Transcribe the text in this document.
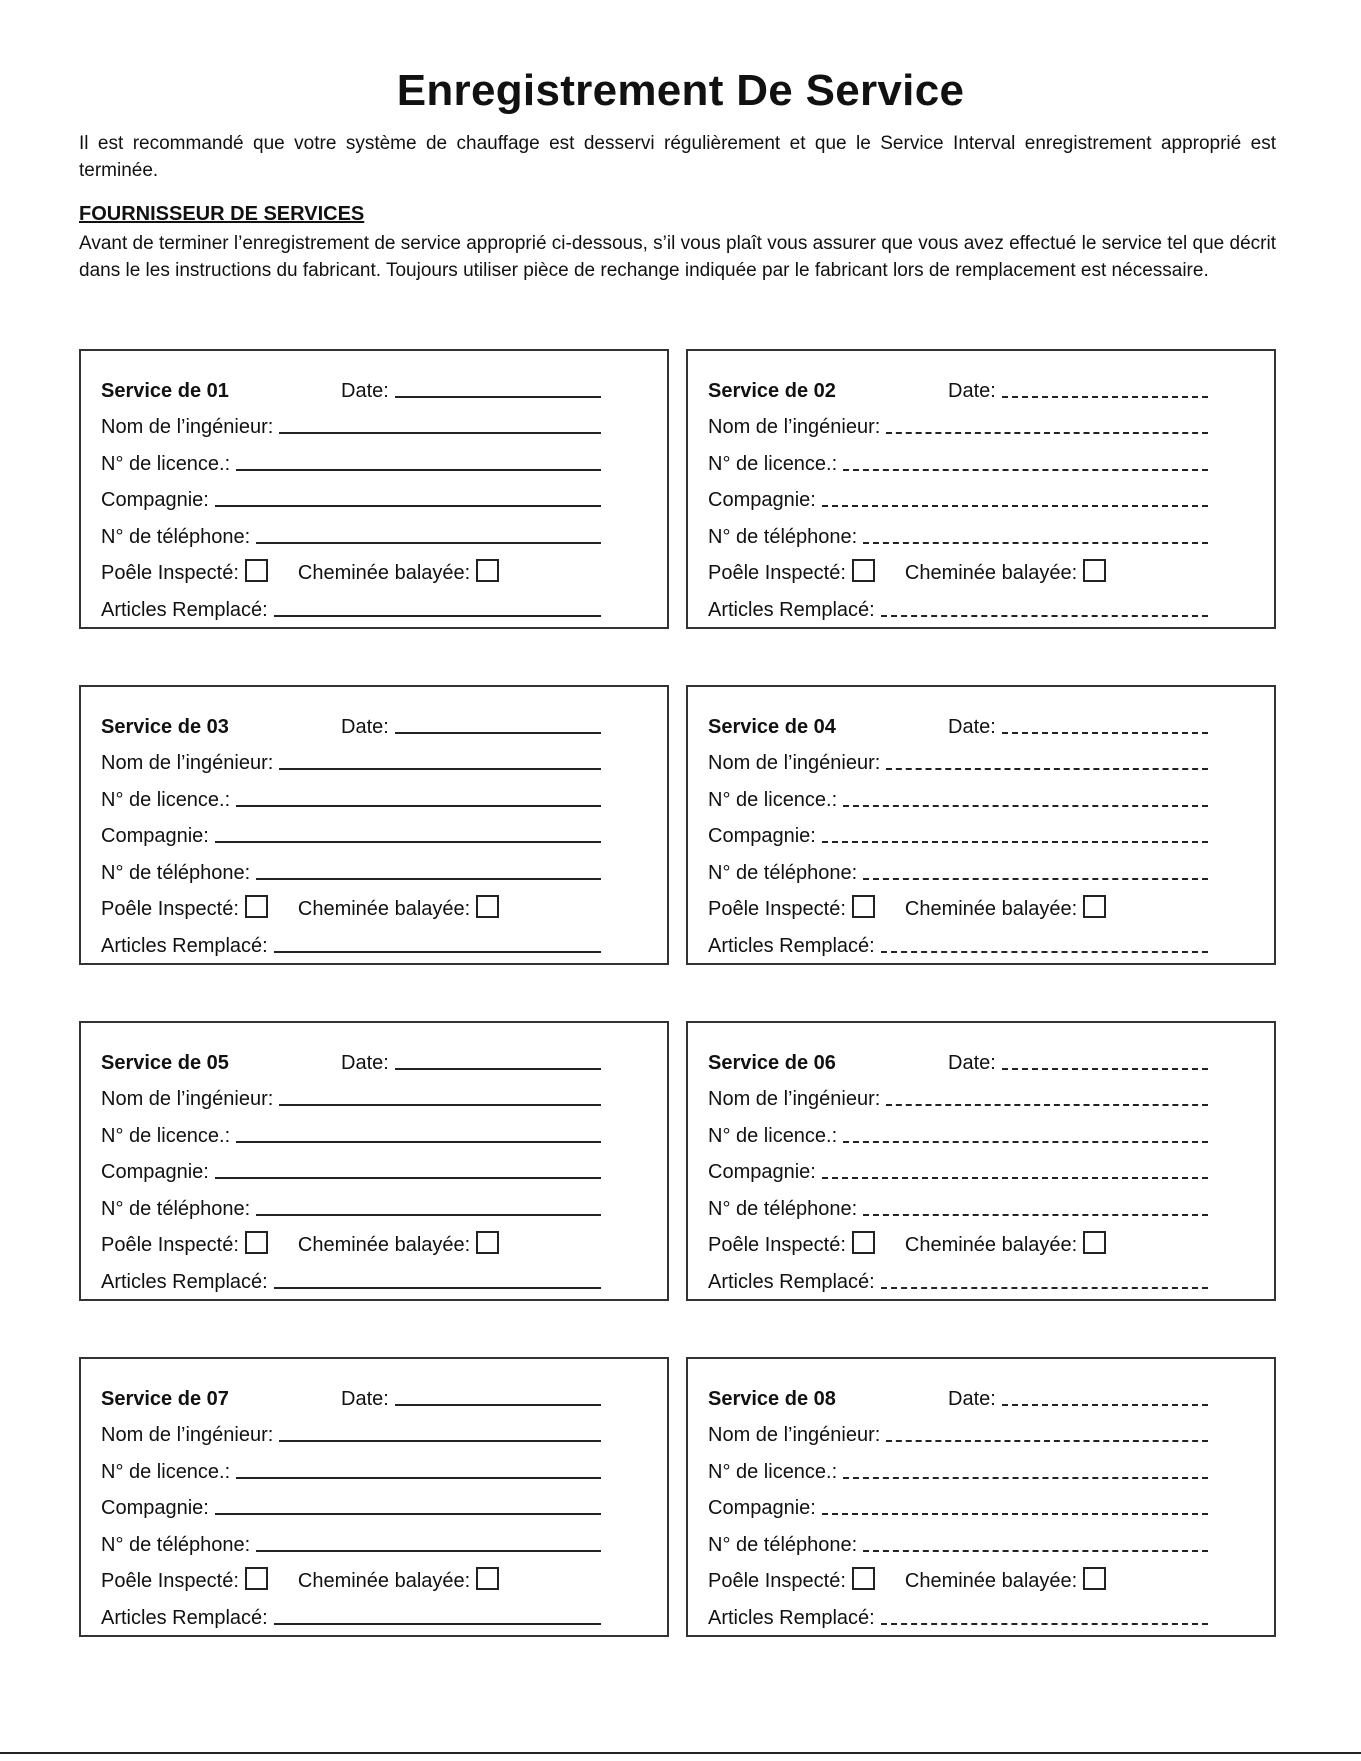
Enregistrement De Service

Il est recommandé que votre système de chauffage est desservi régulièrement et que le Service Interval enregistrement approprié est terminée.

FOURNISSEUR DE SERVICES

Avant de terminer l’enregistrement de service approprié ci-dessous, s’il vous plaît vous assurer que vous avez effectué le service tel que décrit dans le les instructions du fabricant. Toujours utiliser pièce de rechange indiquée par le fabricant lors de remplacement est nécessaire.

Service de 01	Date:
Nom de l’ingénieur:
N° de licence.:
Compagnie:
N° de téléphone:
Poêle Inspecté:	Cheminée balayée:
Articles Remplacé:
Service de 02	Date:
Nom de l’ingénieur:
N° de licence.:
Compagnie:
N° de téléphone:
Poêle Inspecté:	Cheminée balayée:
Articles Remplacé:
Service de 03	Date:
Nom de l’ingénieur:
N° de licence.:
Compagnie:
N° de téléphone:
Poêle Inspecté:	Cheminée balayée:
Articles Remplacé:
Service de 04	Date:
Nom de l’ingénieur:
N° de licence.:
Compagnie:
N° de téléphone:
Poêle Inspecté:	Cheminée balayée:
Articles Remplacé:
Service de 05	Date:
Nom de l’ingénieur:
N° de licence.:
Compagnie:
N° de téléphone:
Poêle Inspecté:	Cheminée balayée:
Articles Remplacé:
Service de 06	Date:
Nom de l’ingénieur:
N° de licence.:
Compagnie:
N° de téléphone:
Poêle Inspecté:	Cheminée balayée:
Articles Remplacé:
Service de 07	Date:
Nom de l’ingénieur:
N° de licence.:
Compagnie:
N° de téléphone:
Poêle Inspecté:	Cheminée balayée:
Articles Remplacé:
Service de 08	Date:
Nom de l’ingénieur:
N° de licence.:
Compagnie:
N° de téléphone:
Poêle Inspecté:	Cheminée balayée:
Articles Remplacé:
